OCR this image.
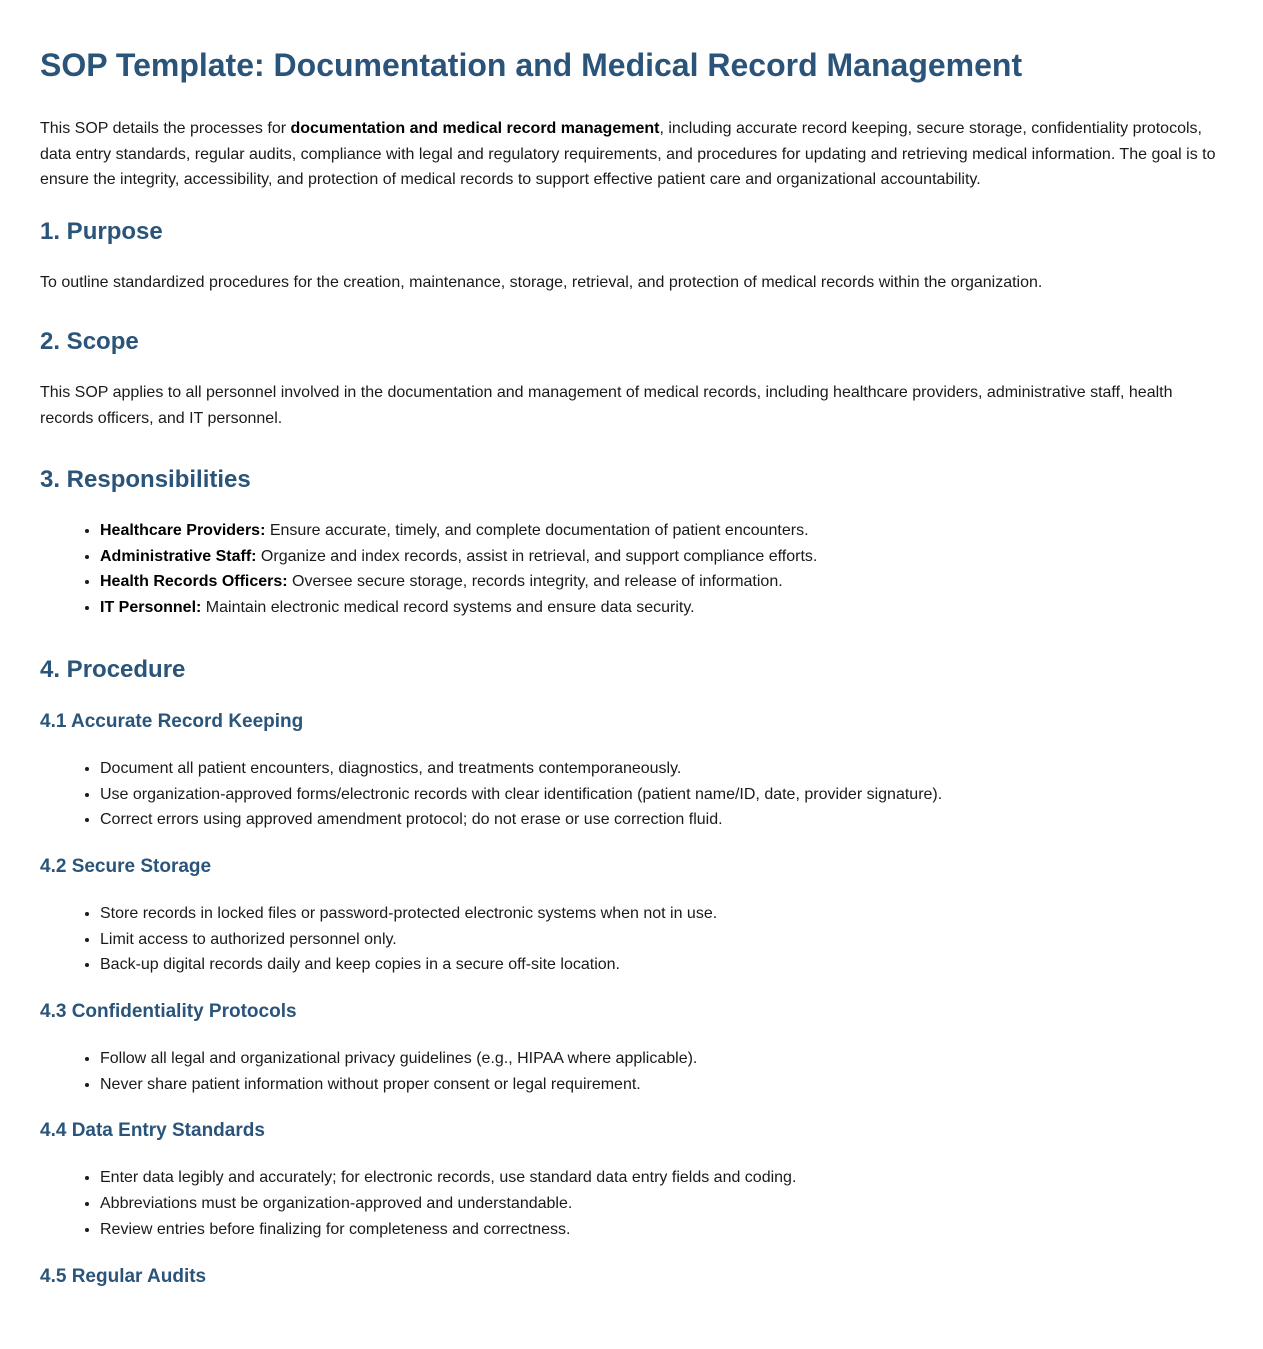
SOP Template: Documentation and Medical Record Management

This SOP details the processes for documentation and medical record management, including accurate record keeping, secure storage, confidentiality protocols, data entry standards, regular audits, compliance with legal and regulatory requirements, and procedures for updating and retrieving medical information. The goal is to ensure the integrity, accessibility, and protection of medical records to support effective patient care and organizational accountability.

1. Purpose

To outline standardized procedures for the creation, maintenance, storage, retrieval, and protection of medical records within the organization.

2. Scope

This SOP applies to all personnel involved in the documentation and management of medical records, including healthcare providers, administrative staff, health records officers, and IT personnel.

3. Responsibilities
• Healthcare Providers: Ensure accurate, timely, and complete documentation of patient encounters.
• Administrative Staff: Organize and index records, assist in retrieval, and support compliance efforts.
• Health Records Officers: Oversee secure storage, records integrity, and release of information.
• IT Personnel: Maintain electronic medical record systems and ensure data security.
4. Procedure
4.1 Accurate Record Keeping
• Document all patient encounters, diagnostics, and treatments contemporaneously.
• Use organization-approved forms/electronic records with clear identification (patient name/ID, date, provider signature).
• Correct errors using approved amendment protocol; do not erase or use correction fluid.
4.2 Secure Storage
• Store records in locked files or password-protected electronic systems when not in use.
• Limit access to authorized personnel only.
• Back-up digital records daily and keep copies in a secure off-site location.
4.3 Confidentiality Protocols
• Follow all legal and organizational privacy guidelines (e.g., HIPAA where applicable).
• Never share patient information without proper consent or legal requirement.
4.4 Data Entry Standards
• Enter data legibly and accurately; for electronic records, use standard data entry fields and coding.
• Abbreviations must be organization-approved and understandable.
• Review entries before finalizing for completeness and correctness.
4.5 Regular Audits
